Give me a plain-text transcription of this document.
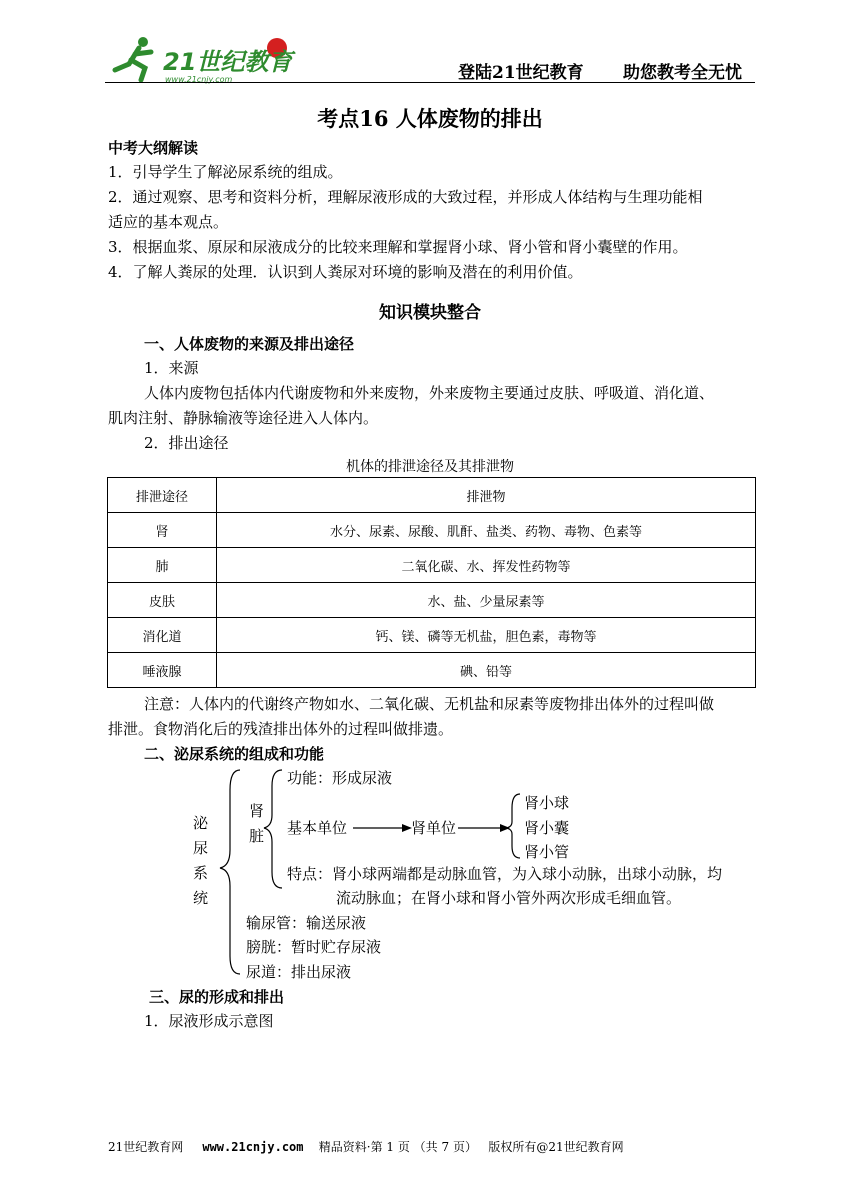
21世纪教育
www.21cnjy.com	登陆21世纪教育 助您教考全无忧
考点16 人体废物的排出
中考大纲解读
1．引导学生了解泌尿系统的组成。
2．通过观察、思考和资料分析，理解尿液形成的大致过程，并形成人体结构与生理功能相
适应的基本观点。
3．根据血浆、原尿和尿液成分的比较来理解和掌握肾小球、肾小管和肾小囊壁的作用。
4．了解人粪尿的处理．认识到人粪尿对环境的影响及潜在的利用价值。
知识模块整合
一、人体废物的来源及排出途径
1．来源
人体内废物包括体内代谢废物和外来废物，外来废物主要通过皮肤、呼吸道、消化道、
肌肉注射、静脉输液等途径进入人体内。
2．排出途径
机体的排泄途径及其排泄物
排泄途径	排泄物
肾	水分、尿素、尿酸、肌酐、盐类、药物、毒物、色素等
肺	二氧化碳、水、挥发性药物等
皮肤	水、盐、少量尿素等
消化道	钙、镁、磷等无机盐，胆色素，毒物等
唾液腺	碘、铅等
注意：人体内的代谢终产物如水、二氧化碳、无机盐和尿素等废物排出体外的过程叫做
排泄。食物消化后的残渣排出体外的过程叫做排遗。
二、泌尿系统的组成和功能
泌
尿
系
统
肾
脏
功能：形成尿液
基本单位	肾单位
肾小球
肾小囊
肾小管
特点：肾小球两端都是动脉血管，为入球小动脉，出球小动脉，均
流动脉血；在肾小球和肾小管外两次形成毛细血管。
输尿管：输送尿液
膀胱：暂时贮存尿液
尿道：排出尿液
三、尿的形成和排出
1．尿液形成示意图
21世纪教育网 www.21cnjy.com 精品资料·第 1 页 （共 7 页） 版权所有@21世纪教育网
